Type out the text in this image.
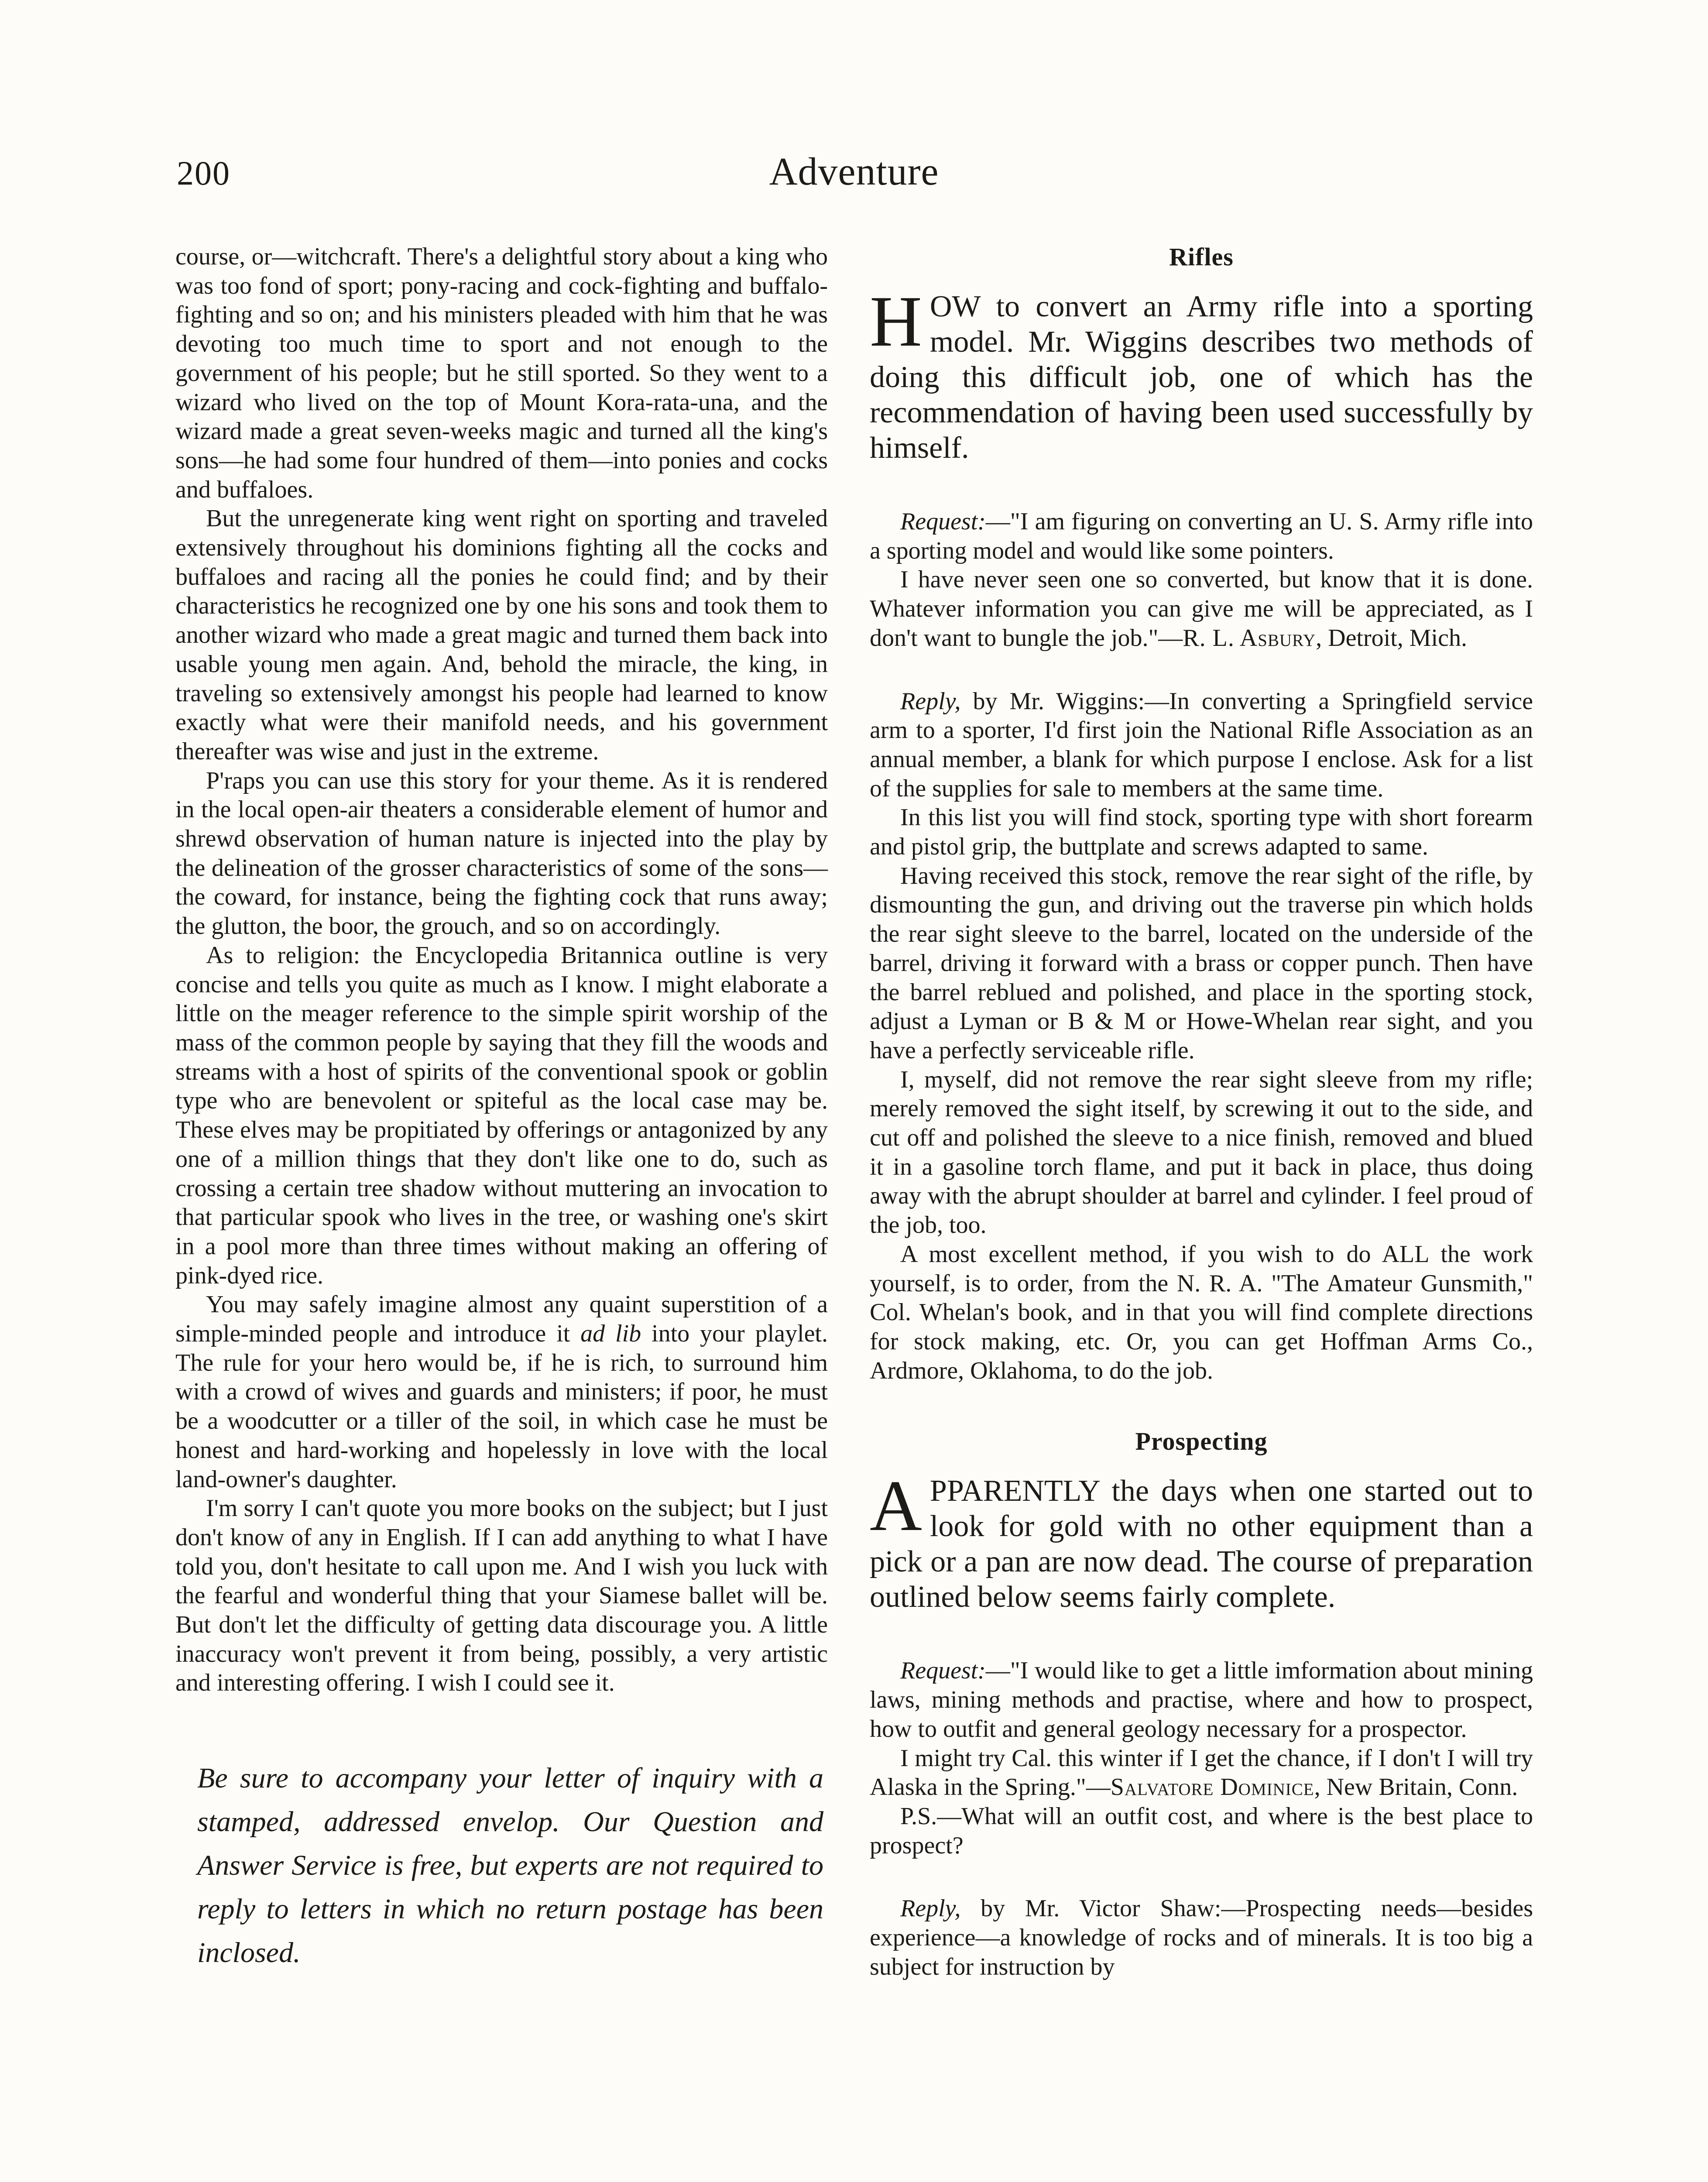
200	Adventure

course, or—witchcraft. There's a delightful story about a king who was too fond of sport; pony-racing and cock-fighting and buffalo-fighting and so on; and his ministers pleaded with him that he was devoting too much time to sport and not enough to the government of his people; but he still sported. So they went to a wizard who lived on the top of Mount Kora-rata-una, and the wizard made a great seven-weeks magic and turned all the king's sons—he had some four hundred of them—into ponies and cocks and buffaloes.

But the unregenerate king went right on sporting and traveled extensively throughout his dominions fighting all the cocks and buffaloes and racing all the ponies he could find; and by their characteristics he recognized one by one his sons and took them to another wizard who made a great magic and turned them back into usable young men again. And, behold the miracle, the king, in traveling so extensively amongst his people had learned to know exactly what were their manifold needs, and his government thereafter was wise and just in the extreme.

P'raps you can use this story for your theme. As it is rendered in the local open-air theaters a considerable element of humor and shrewd observation of human nature is injected into the play by the delineation of the grosser characteristics of some of the sons—the coward, for instance, being the fighting cock that runs away; the glutton, the boor, the grouch, and so on accordingly.

As to religion: the Encyclopedia Britannica outline is very concise and tells you quite as much as I know. I might elaborate a little on the meager reference to the simple spirit worship of the mass of the common people by saying that they fill the woods and streams with a host of spirits of the conventional spook or goblin type who are benevolent or spiteful as the local case may be. These elves may be propitiated by offerings or antagonized by any one of a million things that they don't like one to do, such as crossing a certain tree shadow without muttering an invocation to that particular spook who lives in the tree, or washing one's skirt in a pool more than three times without making an offering of pink-dyed rice.

You may safely imagine almost any quaint superstition of a simple-minded people and introduce it ad lib into your playlet. The rule for your hero would be, if he is rich, to surround him with a crowd of wives and guards and ministers; if poor, he must be a woodcutter or a tiller of the soil, in which case he must be honest and hard-working and hopelessly in love with the local land-owner's daughter.

I'm sorry I can't quote you more books on the subject; but I just don't know of any in English. If I can add anything to what I have told you, don't hesitate to call upon me. And I wish you luck with the fearful and wonderful thing that your Siamese ballet will be. But don't let the difficulty of getting data discourage you. A little inaccuracy won't prevent it from being, possibly, a very artistic and interesting offering. I wish I could see it.

Be sure to accompany your letter of inquiry with a stamped, addressed envelop. Our Question and Answer Service is free, but experts are not required to reply to letters in which no return postage has been inclosed.

Rifles

HOW to convert an Army rifle into a sporting model. Mr. Wiggins describes two methods of doing this difficult job, one of which has the recommendation of having been used successfully by himself.

Request:—"I am figuring on converting an U. S. Army rifle into a sporting model and would like some pointers.

I have never seen one so converted, but know that it is done. Whatever information you can give me will be appreciated, as I don't want to bungle the job."—R. L. Asbury, Detroit, Mich.

Reply, by Mr. Wiggins:—In converting a Springfield service arm to a sporter, I'd first join the National Rifle Association as an annual member, a blank for which purpose I enclose. Ask for a list of the supplies for sale to members at the same time.

In this list you will find stock, sporting type with short forearm and pistol grip, the buttplate and screws adapted to same.

Having received this stock, remove the rear sight of the rifle, by dismounting the gun, and driving out the traverse pin which holds the rear sight sleeve to the barrel, located on the underside of the barrel, driving it forward with a brass or copper punch. Then have the barrel reblued and polished, and place in the sporting stock, adjust a Lyman or B & M or Howe-Whelan rear sight, and you have a perfectly serviceable rifle.

I, myself, did not remove the rear sight sleeve from my rifle; merely removed the sight itself, by screwing it out to the side, and cut off and polished the sleeve to a nice finish, removed and blued it in a gasoline torch flame, and put it back in place, thus doing away with the abrupt shoulder at barrel and cylinder. I feel proud of the job, too.

A most excellent method, if you wish to do ALL the work yourself, is to order, from the N. R. A. "The Amateur Gunsmith," Col. Whelan's book, and in that you will find complete directions for stock making, etc. Or, you can get Hoffman Arms Co., Ardmore, Oklahoma, to do the job.

Prospecting

APPARENTLY the days when one started out to look for gold with no other equipment than a pick or a pan are now dead. The course of preparation outlined below seems fairly complete.

Request:—"I would like to get a little imformation about mining laws, mining methods and practise, where and how to prospect, how to outfit and general geology necessary for a prospector.

I might try Cal. this winter if I get the chance, if I don't I will try Alaska in the Spring."—Salvatore Dominice, New Britain, Conn.

P.S.—What will an outfit cost, and where is the best place to prospect?

Reply, by Mr. Victor Shaw:—Prospecting needs—besides experience—a knowledge of rocks and of minerals. It is too big a subject for instruction by
